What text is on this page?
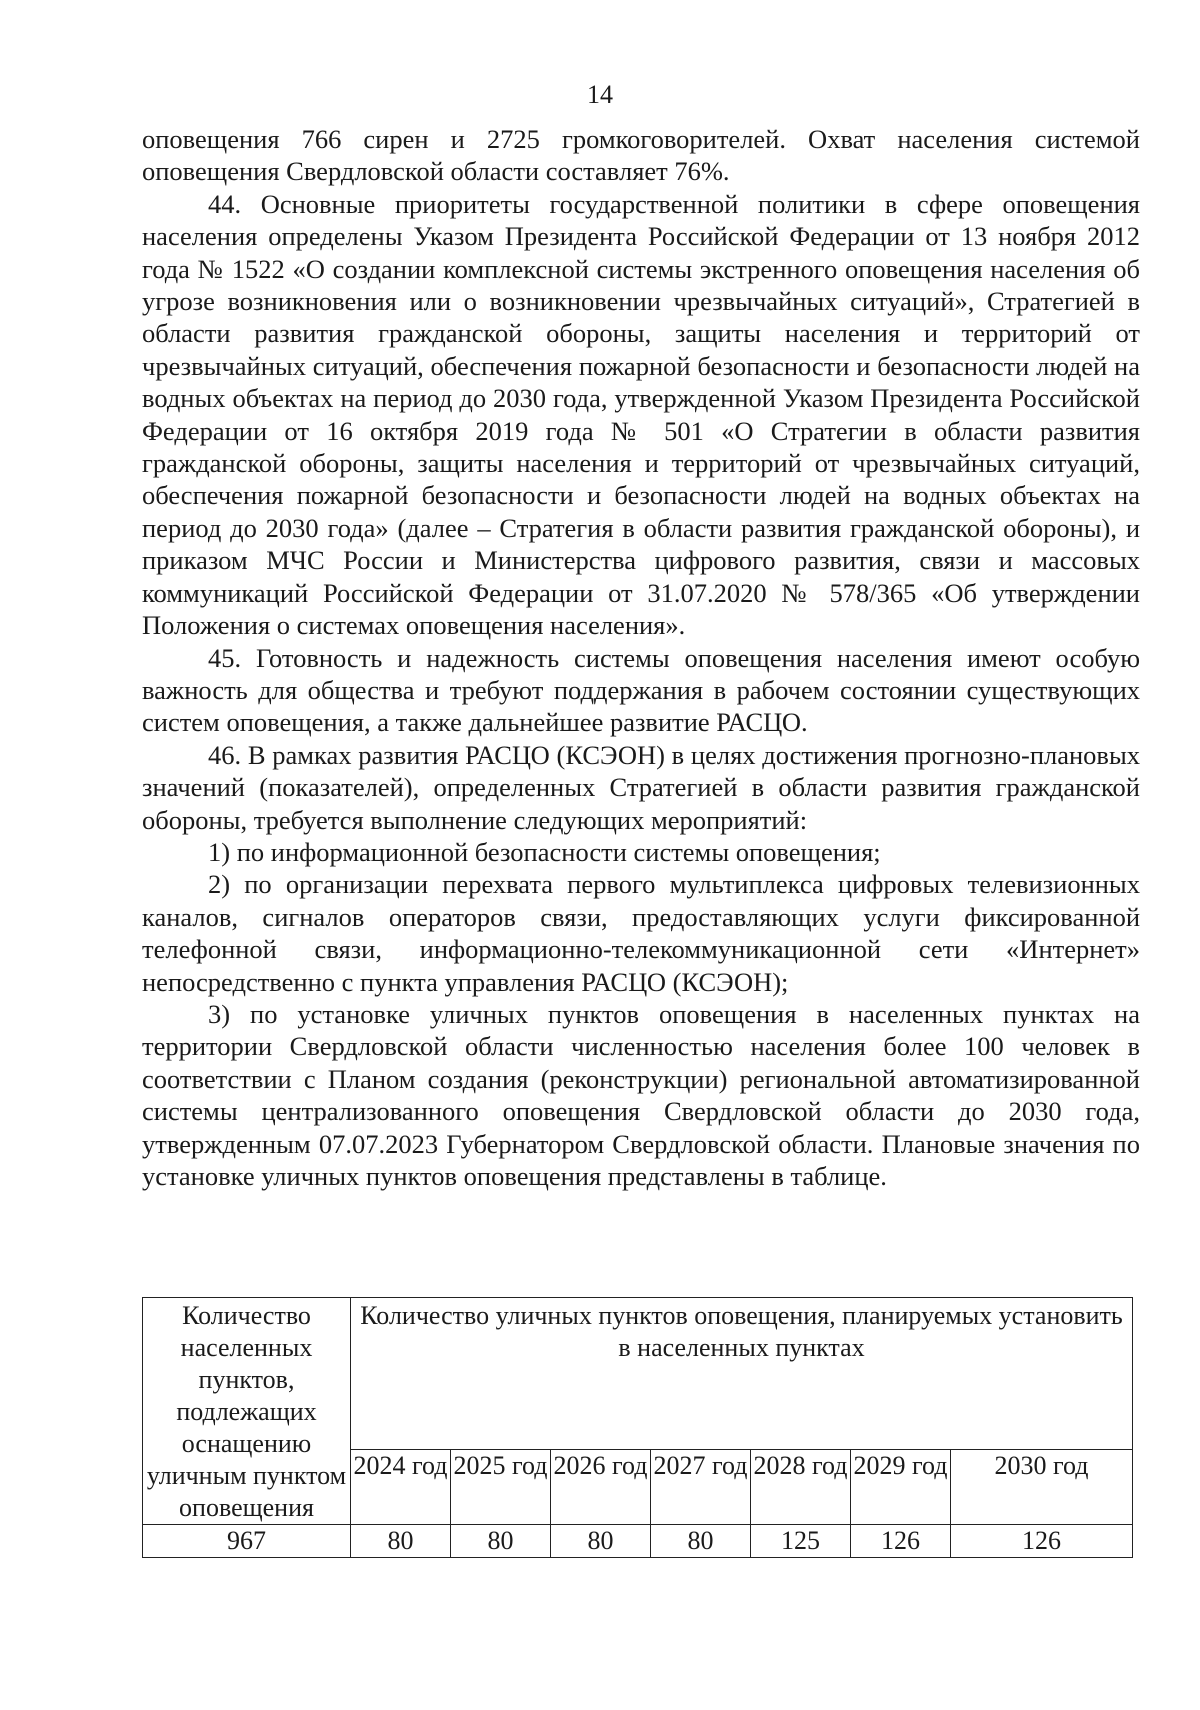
14

оповещения 766 сирен и 2725 громкоговорителей. Охват населения системой оповещения Свердловской области составляет 76%.

44. Основные приоритеты государственной политики в сфере оповещения населения определены Указом Президента Российской Федерации от 13 ноября 2012 года № 1522 «О создании комплексной системы экстренного оповещения населения об угрозе возникновения или о возникновении чрезвычайных ситуаций», Стратегией в области развития гражданской обороны, защиты населения и территорий от чрезвычайных ситуаций, обеспечения пожарной безопасности и безопасности людей на водных объектах на период до 2030 года, утвержденной Указом Президента Российской Федерации от 16 октября 2019 года № 501 «О Стратегии в области развития гражданской обороны, защиты населения и территорий от чрезвычайных ситуаций, обеспечения пожарной безопасности и безопасности людей на водных объектах на период до 2030 года» (далее – Стратегия в области развития гражданской обороны), и приказом МЧС России и Министерства цифрового развития, связи и массовых коммуникаций Российской Федерации от 31.07.2020 № 578/365 «Об утверждении Положения о системах оповещения населения».

45. Готовность и надежность системы оповещения населения имеют особую важность для общества и требуют поддержания в рабочем состоянии существующих систем оповещения, а также дальнейшее развитие РАСЦО.

46. В рамках развития РАСЦО (КСЭОН) в целях достижения прогнозно-плановых значений (показателей), определенных Стратегией в области развития гражданской обороны, требуется выполнение следующих мероприятий:

1) по информационной безопасности системы оповещения;

2) по организации перехвата первого мультиплекса цифровых телевизионных каналов, сигналов операторов связи, предоставляющих услуги фиксированной телефонной связи, информационно-телекоммуникационной сети «Интернет» непосредственно с пункта управления РАСЦО (КСЭОН);

3) по установке уличных пунктов оповещения в населенных пунктах на территории Свердловской области численностью населения более 100 человек в соответствии с Планом создания (реконструкции) региональной автоматизированной системы централизованного оповещения Свердловской области до 2030 года, утвержденным 07.07.2023 Губернатором Свердловской области. Плановые значения по установке уличных пунктов оповещения представлены в таблице.

Количество населенных пунктов, подлежащих оснащению уличным пунктом оповещения	Количество уличных пунктов оповещения, планируемых установить в населенных пунктах						
	2024 год	2025 год	2026 год	2027 год	2028 год	2029 год	2030 год
967	80	80	80	80	125	126	126
